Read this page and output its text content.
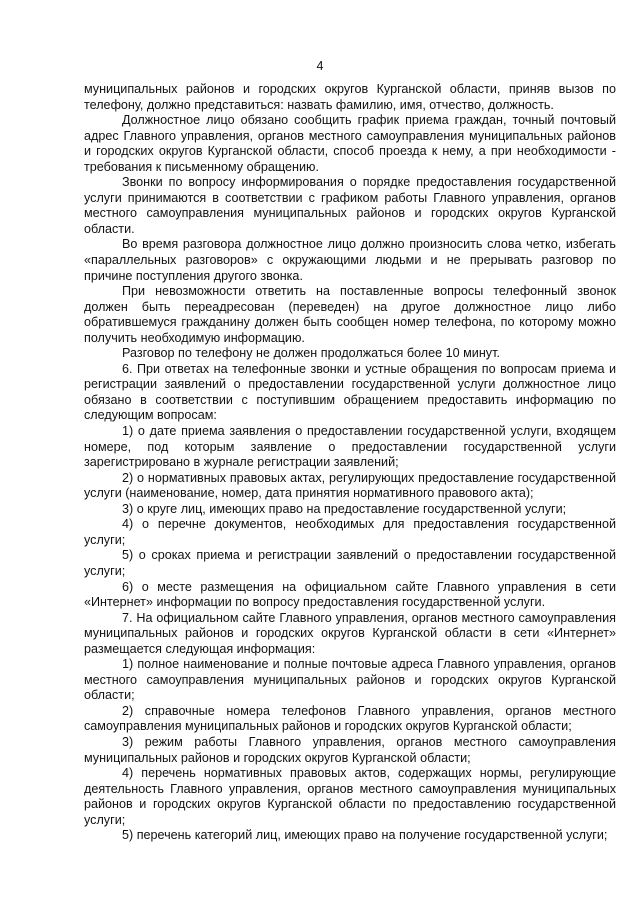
4

муниципальных районов и городских округов Курганской области, приняв вызов по телефону, должно представиться: назвать фамилию, имя, отчество, должность.

Должностное лицо обязано сообщить график приема граждан, точный почтовый адрес Главного управления, органов местного самоуправления муниципальных районов и городских округов Курганской области, способ проезда к нему, а при необходимости - требования к письменному обращению.

Звонки по вопросу информирования о порядке предоставления государственной услуги принимаются в соответствии с графиком работы Главного управления, органов местного самоуправления муниципальных районов и городских округов Курганской области.

Во время разговора должностное лицо должно произносить слова четко, избегать «параллельных разговоров» с окружающими людьми и не прерывать разговор по причине поступления другого звонка.

При невозможности ответить на поставленные вопросы телефонный звонок должен быть переадресован (переведен) на другое должностное лицо либо обратившемуся гражданину должен быть сообщен номер телефона, по которому можно получить необходимую информацию.

Разговор по телефону не должен продолжаться более 10 минут.

6. При ответах на телефонные звонки и устные обращения по вопросам приема и регистрации заявлений о предоставлении государственной услуги должностное лицо обязано в соответствии с поступившим обращением предоставить информацию по следующим вопросам:

1) о дате приема заявления о предоставлении государственной услуги, входящем номере, под которым заявление о предоставлении государственной услуги зарегистрировано в журнале регистрации заявлений;

2) о нормативных правовых актах, регулирующих предоставление государственной услуги (наименование, номер, дата принятия нормативного правового акта);

3) о круге лиц, имеющих право на предоставление государственной услуги;

4) о перечне документов, необходимых для предоставления государственной услуги;

5) о сроках приема и регистрации заявлений о предоставлении государственной услуги;

6) о месте размещения на официальном сайте Главного управления в сети «Интернет» информации по вопросу предоставления государственной услуги.

7. На официальном сайте Главного управления, органов местного самоуправления муниципальных районов и городских округов Курганской области в сети «Интернет» размещается следующая информация:

1) полное наименование и полные почтовые адреса Главного управления, органов местного самоуправления муниципальных районов и городских округов Курганской области;

2) справочные номера телефонов Главного управления, органов местного самоуправления муниципальных районов и городских округов Курганской области;

3) режим работы Главного управления, органов местного самоуправления муниципальных районов и городских округов Курганской области;

4) перечень нормативных правовых актов, содержащих нормы, регулирующие деятельность Главного управления, органов местного самоуправления муниципальных районов и городских округов Курганской области по предоставлению государственной услуги;

5) перечень категорий лиц, имеющих право на получение государственной услуги;
